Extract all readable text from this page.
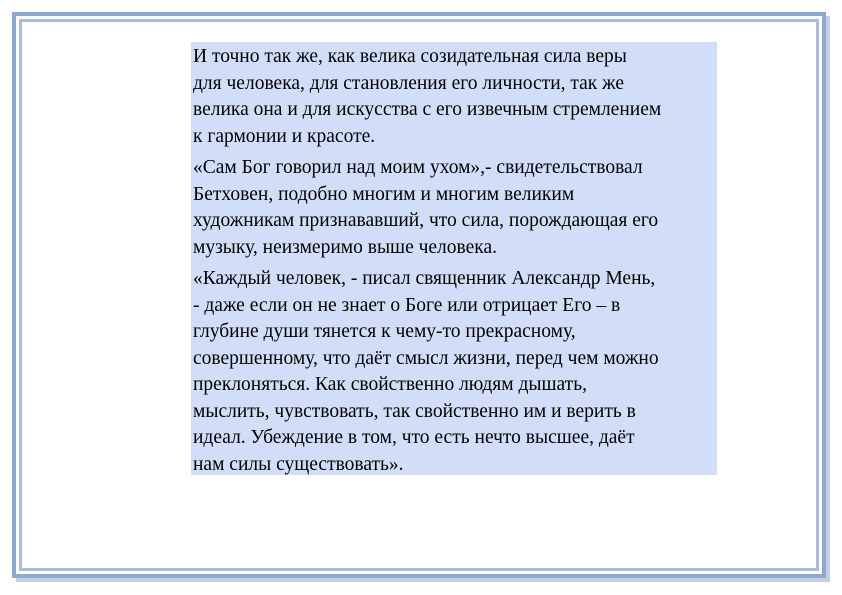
И точно так же, как велика созидательная сила веры
для человека, для становления его личности, так же
велика она и для искусства с его извечным стремлением
к гармонии и красоте.
«Сам Бог говорил над моим ухом»,- свидетельствовал
Бетховен, подобно многим и многим великим
художникам признававший, что сила, порождающая его
музыку, неизмеримо выше человека.
«Каждый человек, - писал священник Александр Мень,
- даже если он не знает о Боге или отрицает Его – в
глубине души тянется к чему-то прекрасному,
совершенному, что даёт смысл жизни, перед чем можно
преклоняться. Как свойственно людям дышать,
мыслить, чувствовать, так свойственно им и верить в
идеал. Убеждение в том, что есть нечто высшее, даёт
нам силы существовать».
